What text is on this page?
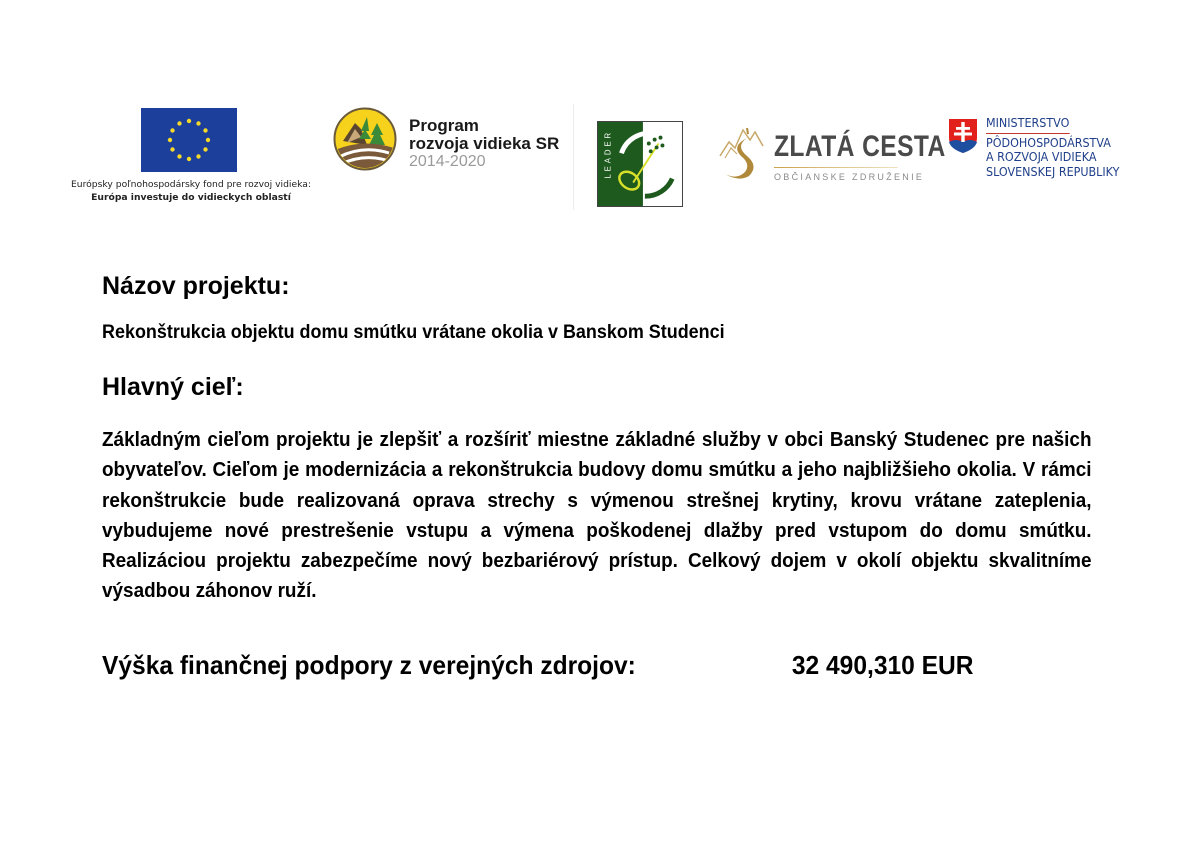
Európsky poľnohospodársky fond pre rozvoj vidieka:
Európa investuje do vidieckych oblastí
Program
rozvoja vidieka SR
2014-2020	LEADER	ZLATÁ CESTA
OBČIANSKE ZDRUŽENIE
MINISTERSTVO
PÔDOHOSPODÁRSTVA
A ROZVOJA VIDIEKA
SLOVENSKEJ REPUBLIKY
Názov projektu:
Rekonštrukcia objektu domu smútku vrátane okolia v Banskom Studenci
Hlavný cieľ:
Základným cieľom projektu je zlepšiť a rozšíriť miestne základné služby v obci Banský Studenec pre našich obyvateľov. Cieľom je modernizácia a rekonštrukcia budovy domu smútku a jeho najbližšieho okolia. V rámci rekonštrukcie bude realizovaná oprava strechy s výmenou strešnej krytiny, krovu vrátane zateplenia, vybudujeme nové prestrešenie vstupu a výmena poškodenej dlažby pred vstupom do domu smútku. Realizáciou projektu zabezpečíme nový bezbariérový prístup. Celkový dojem v okolí objektu skvalitníme výsadbou záhonov ruží.
Výška finančnej podpory z verejných zdrojov:	32 490,310 EUR
